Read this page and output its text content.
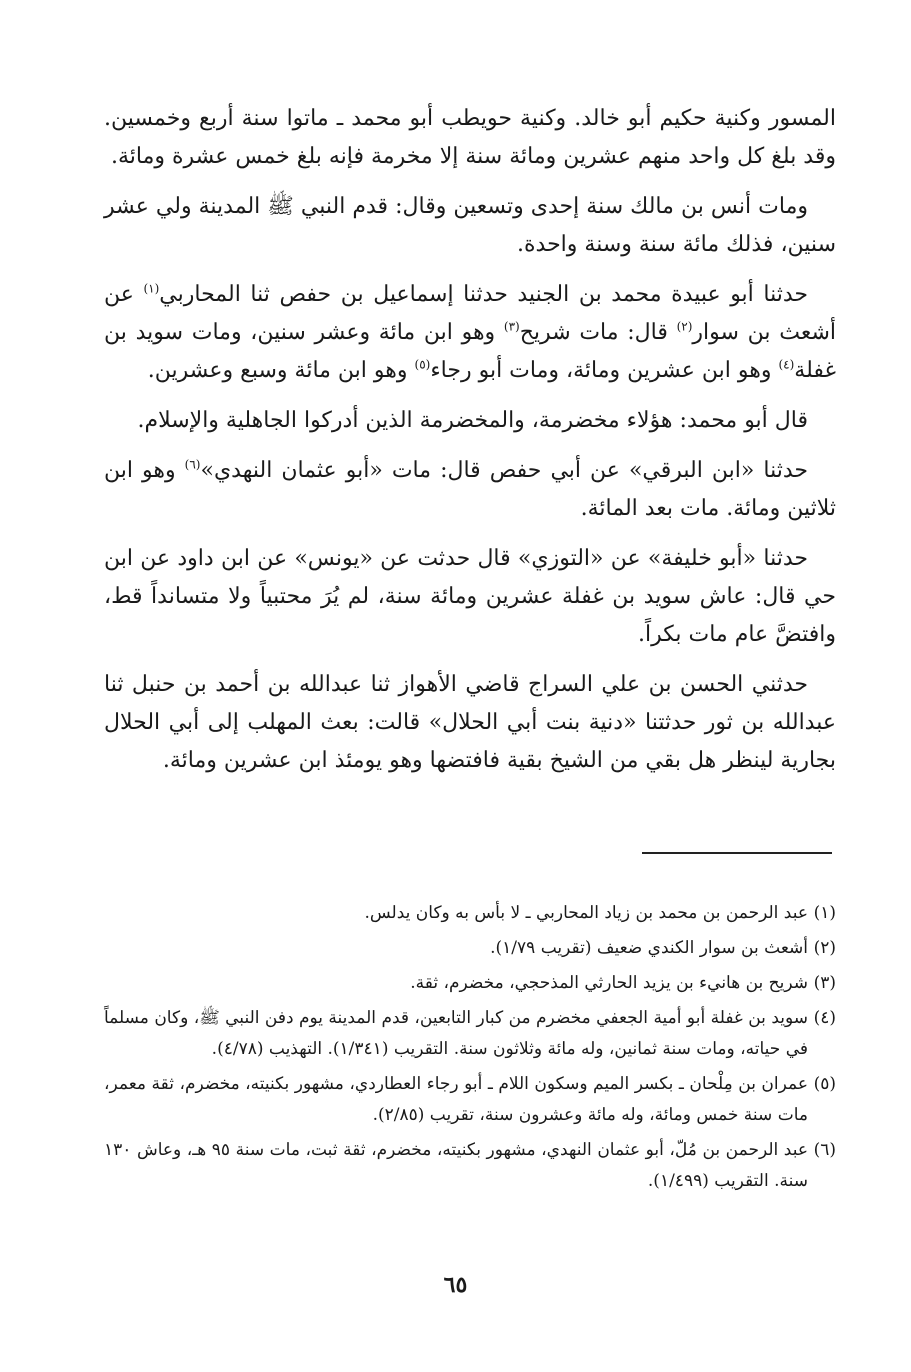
المسور وكنية حكيم أبو خالد. وكنية حويطب أبو محمد ـ ماتوا سنة أربع وخمسين. وقد بلغ كل واحد منهم عشرين ومائة سنة إلا مخرمة فإنه بلغ خمس عشرة ومائة.

ومات أنس بن مالك سنة إحدى وتسعين وقال: قدم النبي ﷺ المدينة ولي عشر سنين، فذلك مائة سنة وسنة واحدة.

حدثنا أبو عبيدة محمد بن الجنيد حدثنا إسماعيل بن حفص ثنا المحاربي$^{(١)}$ عن أشعث بن سوار$^{(٢)}$ قال: مات شريح$^{(٣)}$ وهو ابن مائة وعشر سنين، ومات سويد بن غفلة$^{(٤)}$ وهو ابن عشرين ومائة، ومات أبو رجاء$^{(٥)}$ وهو ابن مائة وسبع وعشرين.

قال أبو محمد: هؤلاء مخضرمة، والمخضرمة الذين أدركوا الجاهلية والإسلام.

حدثنا «ابن البرقي» عن أبي حفص قال: مات «أبو عثمان النهدي»$^{(٦)}$ وهو ابن ثلاثين ومائة. مات بعد المائة.

حدثنا «أبو خليفة» عن «التوزي» قال حدثت عن «يونس» عن ابن داود عن ابن حي قال: عاش سويد بن غفلة عشرين ومائة سنة، لم يُرَ محتبياً ولا متسانداً قط، وافتضَّ عام مات بكراً.

حدثني الحسن بن علي السراج قاضي الأهواز ثنا عبدالله بن أحمد بن حنبل ثنا عبدالله بن ثور حدثتنا «دنية بنت أبي الحلال» قالت: بعث المهلب إلى أبي الحلال بجارية لينظر هل بقي من الشيخ بقية فافتضها وهو يومئذ ابن عشرين ومائة.

(١)
عبد الرحمن بن محمد بن زياد المحاربي ـ لا بأس به وكان يدلس.
(٢)
أشعث بن سوار الكندي ضعيف (تقريب ١/٧٩).
(٣)
شريح بن هانيء بن يزيد الحارثي المذحجي، مخضرم، ثقة.
(٤)
سويد بن غفلة أبو أمية الجعفي مخضرم من كبار التابعين، قدم المدينة يوم دفن النبي ﷺ، وكان مسلماً في حياته، ومات سنة ثمانين، وله مائة وثلاثون سنة. التقريب (١/٣٤١). التهذيب (٤/٧٨).
(٥)
عمران بن مِلْحان ـ بكسر الميم وسكون اللام ـ أبو رجاء العطاردي، مشهور بكنيته، مخضرم، ثقة معمر، مات سنة خمس ومائة، وله مائة وعشرون سنة، تقريب (٢/٨٥).
(٦)
عبد الرحمن بن مُلّ، أبو عثمان النهدي، مشهور بكنيته، مخضرم، ثقة ثبت، مات سنة ٩٥ هـ، وعاش ١٣٠ سنة. التقريب (١/٤٩٩).
٦٥
